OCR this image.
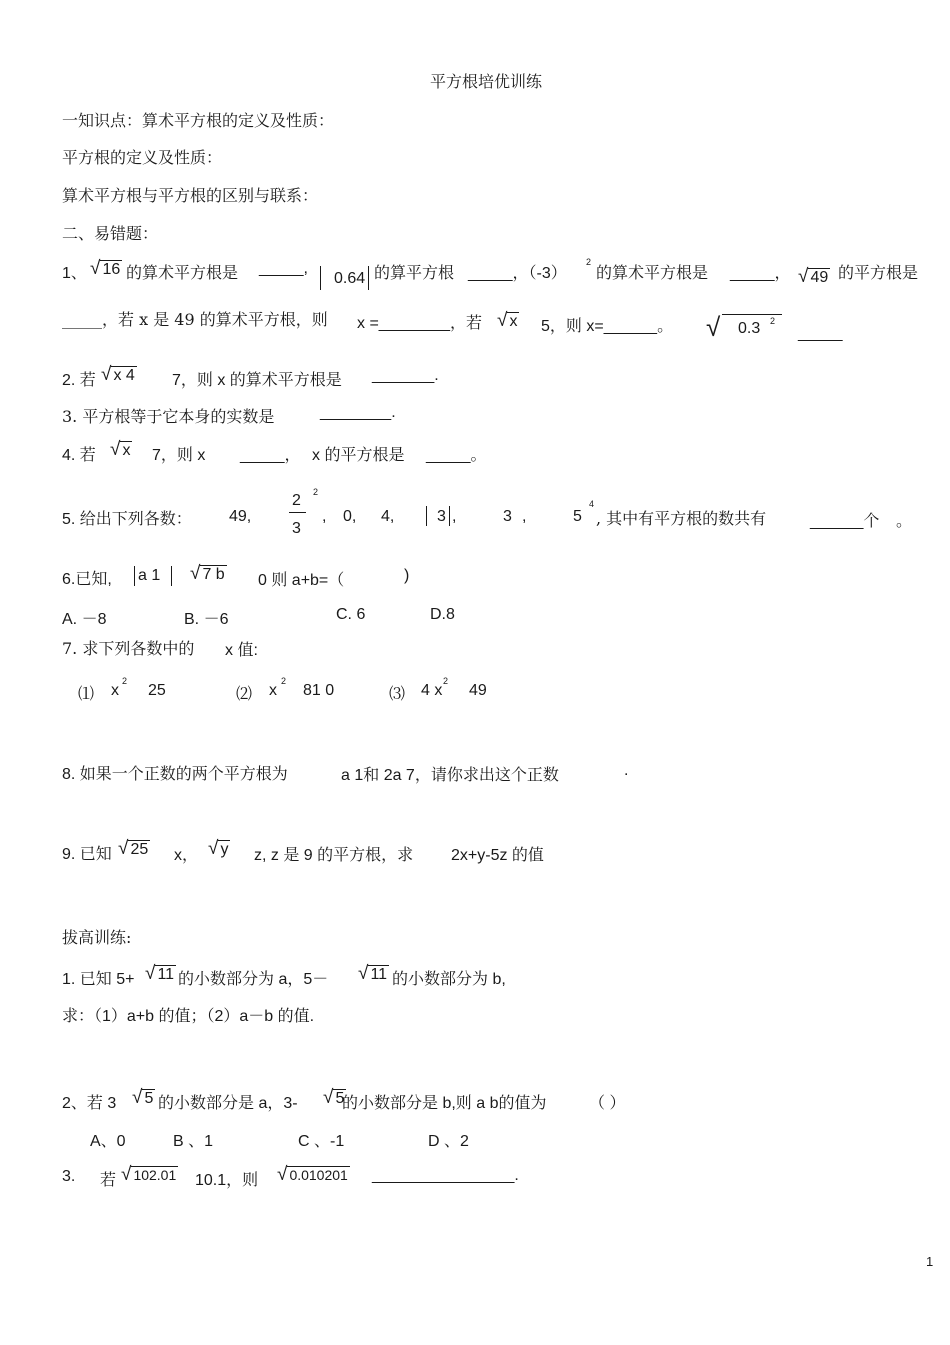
平方根培优训练
一知识点：算术平方根的定义及性质：
平方根的定义及性质：
算术平方根与平方根的区别与联系：
二、易错题：
1、 √ 16 的算术平方根是 _____,
0.64 的算平方根 _____，（-3）
2
的算术平方根是 _____， √ 49 的平方根是
_____，若 x 是 49 的算术平方根，则 x =________，若 √ x 5，则 x=______。 √ 0.3 2
_____
2. 若 √ x 4 7，则 x 的算术平方根是 _______.
3. 平方根等于它本身的实数是	________.
4. 若 √ x 7，则 x _____， x 的平方根是 _____。
5. 给出下列各数： 49,
2
3
2
, 0, 4,	3 ,	3 ,	5
4
, 其中有平方根的数共有	______个 。
6.已知, a 1 √ 7 b 0 则 a+b=（	)
A. －8	B. －6	C. 6	D.8
7. 求下列各数中的 x 值:
⑴ x
2
25	⑵ x
2
81 0	⑶ 4 x
2
49
8. 如果一个正数的两个平方根为	a 1和 2a 7，请你求出这个正数	.
9. 已知 √ 25 x， √ y z, z 是 9 的平方根，求 2x+y-5z 的值
拔高训练:
1. 已知 5+ √ 11 的小数部分为 a，5－ √ 11 的小数部分为 b,
求：（1）a+b 的值；（2）a－b 的值.
2、若 3 √ 5 的小数部分是 a，3- √ 5
的小数部分是 b,则 a b的值为	（ ）
A、0	B 、1	C 、-1	D 、2
3. 若 √ 102.01 10.1，则 √ 0.010201 ________________.
1
